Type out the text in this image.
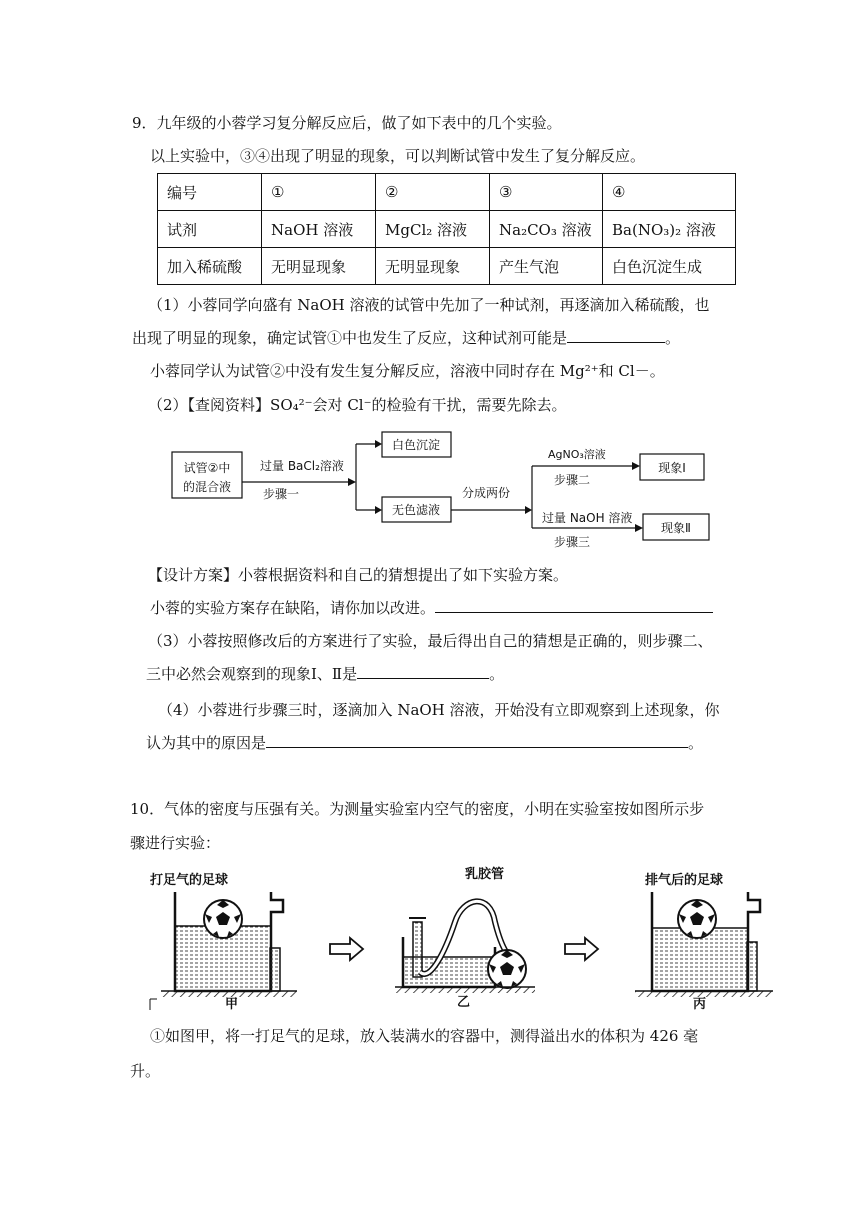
9．九年级的小蓉学习复分解反应后，做了如下表中的几个实验。
以上实验中，③④出现了明显的现象，可以判断试管中发生了复分解反应。
编号	①	②	③	④
试剂	NaOH 溶液	MgCl₂ 溶液	Na₂CO₃ 溶液	Ba(NO₃)₂ 溶液
加入稀硫酸	无明显现象	无明显现象	产生气泡	白色沉淀生成
（1）小蓉同学向盛有 NaOH 溶液的试管中先加了一种试剂，再逐滴加入稀硫酸，也
出现了明显的现象，确定试管①中也发生了反应，这种试剂可能是	。
小蓉同学认为试管②中没有发生复分解反应，溶液中同时存在 Mg²⁺和 Cl－。
（2）【查阅资料】SO₄²⁻会对 Cl⁻的检验有干扰，需要先除去。
试管②中
的混合液
过量 BaCl₂溶液
步骤一
白色沉淀
无色滤液
分成两份
AgNO₃溶液
步骤二
过量 NaOH 溶液
步骤三
现象Ⅰ
现象Ⅱ
【设计方案】小蓉根据资料和自己的猜想提出了如下实验方案。
小蓉的实验方案存在缺陷，请你加以改进。
（3）小蓉按照修改后的方案进行了实验，最后得出自己的猜想是正确的，则步骤二、
三中必然会观察到的现象Ⅰ、Ⅱ是	。
（4）小蓉进行步骤三时，逐滴加入 NaOH 溶液，开始没有立即观察到上述现象，你
认为其中的原因是	。
10．气体的密度与压强有关。为测量实验室内空气的密度，小明在实验室按如图所示步
骤进行实验：
打足气的足球
甲
乳胶管
乙
排气后的足球
丙
①如图甲，将一打足气的足球，放入装满水的容器中，测得溢出水的体积为 426 毫
升。
